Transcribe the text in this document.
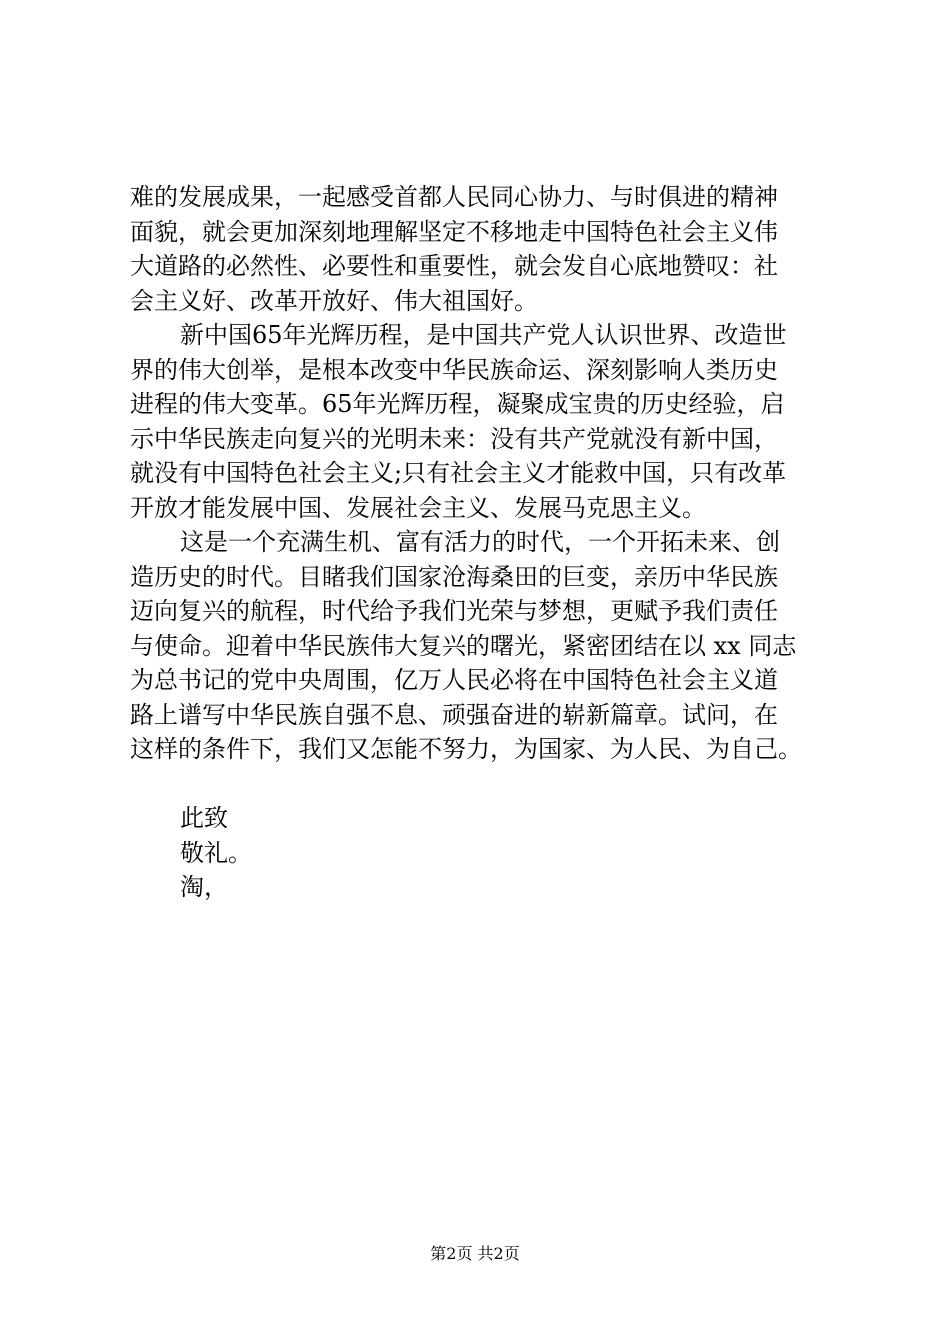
难的发展成果，一起感受首都人民同心协力、与时俱进的精神
面貌，就会更加深刻地理解坚定不移地走中国特色社会主义伟
大道路的必然性、必要性和重要性，就会发自心底地赞叹：社
会主义好、改革开放好、伟大祖国好。
新中国65年光辉历程，是中国共产党人认识世界、改造世
界的伟大创举，是根本改变中华民族命运、深刻影响人类历史
进程的伟大变革。65年光辉历程，凝聚成宝贵的历史经验，启
示中华民族走向复兴的光明未来：没有共产党就没有新中国，
就没有中国特色社会主义;只有社会主义才能救中国，只有改革
开放才能发展中国、发展社会主义、发展马克思主义。
这是一个充满生机、富有活力的时代，一个开拓未来、创
造历史的时代。目睹我们国家沧海桑田的巨变，亲历中华民族
迈向复兴的航程，时代给予我们光荣与梦想，更赋予我们责任
与使命。迎着中华民族伟大复兴的曙光，紧密团结在以 xx 同志
为总书记的党中央周围，亿万人民必将在中国特色社会主义道
路上谱写中华民族自强不息、顽强奋进的崭新篇章。试问，在
这样的条件下，我们又怎能不努力，为国家、为人民、为自己。
此致
敬礼。
淘，
第2页 共2页
